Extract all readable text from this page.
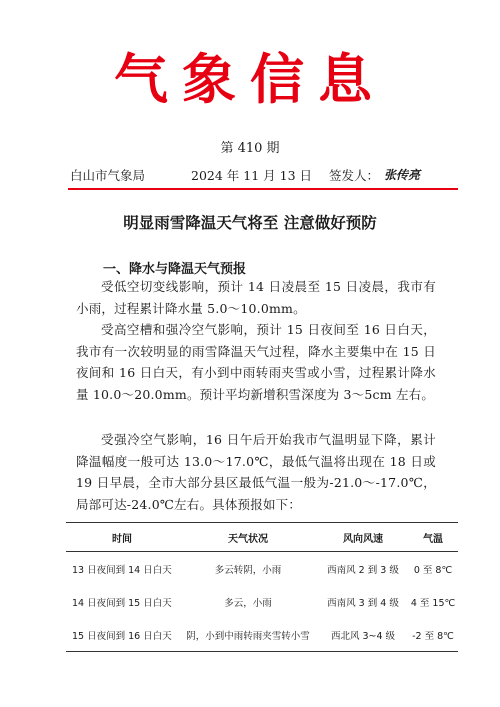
气象信息
第 410 期
白山市气象局	2024 年 11 月 13 日 签发人： 张传亮
明显雨雪降温天气将至 注意做好预防
一、降水与降温天气预报

受低空切变线影响，预计 14 日凌晨至 15 日凌晨，我市有小雨，过程累计降水量 5.0～10.0mm。

受高空槽和强冷空气影响，预计 15 日夜间至 16 日白天，我市有一次较明显的雨雪降温天气过程，降水主要集中在 15 日夜间和 16 日白天，有小到中雨转雨夹雪或小雪，过程累计降水量 10.0～20.0mm。预计平均新增积雪深度为 3～5cm 左右。

受强冷空气影响，16 日午后开始我市气温明显下降，累计降温幅度一般可达 13.0～17.0℃，最低气温将出现在 18 日或 19 日早晨，全市大部分县区最低气温一般为-21.0～-17.0℃，局部可达-24.0℃左右。具体预报如下：

时间	天气状况	风向风速	气温
13 日夜间到 14 日白天	多云转阴，小雨	西南风 2 到 3 级	0 至 8℃
14 日夜间到 15 日白天	多云，小雨	西南风 3 到 4 级	4 至 15℃
15 日夜间到 16 日白天	阴，小到中雨转雨夹雪转小雪	西北风 3~4 级	-2 至 8℃
